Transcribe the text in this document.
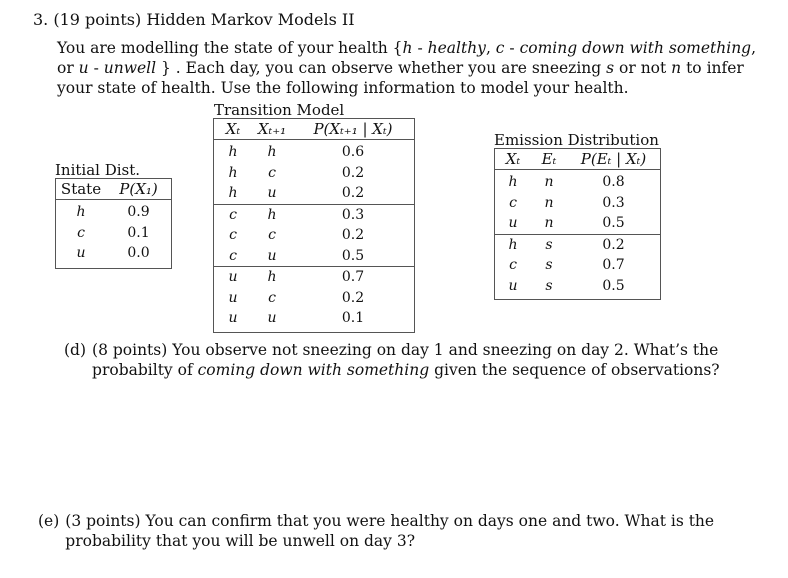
3. (19 points) Hidden Markov Models II
You are modelling the state of your health {h - healthy, c - coming down with something, or u - unwell } . Each day, you can observe whether you are sneezing s or not n to infer your state of health. Use the following information to model your health.
Initial Dist.
State	P(X₁)
h	0.9
c	0.1
u	0.0
Transition Model
Xₜ	Xₜ₊₁	P(Xₜ₊₁ | Xₜ)
h	h	0.6
h	c	0.2
h	u	0.2
c	h	0.3
c	c	0.2
c	u	0.5
u	h	0.7
u	c	0.2
u	u	0.1
Emission Distribution
Xₜ	Eₜ	P(Eₜ | Xₜ)
h	n	0.8
c	n	0.3
u	n	0.5
h	s	0.2
c	s	0.7
u	s	0.5
(d) (8 points) You observe not sneezing on day 1 and sneezing on day 2. What’s the probabilty of coming down with something given the sequence of observations?
(e) (3 points) You can confirm that you were healthy on days one and two. What is the probability that you will be unwell on day 3?
